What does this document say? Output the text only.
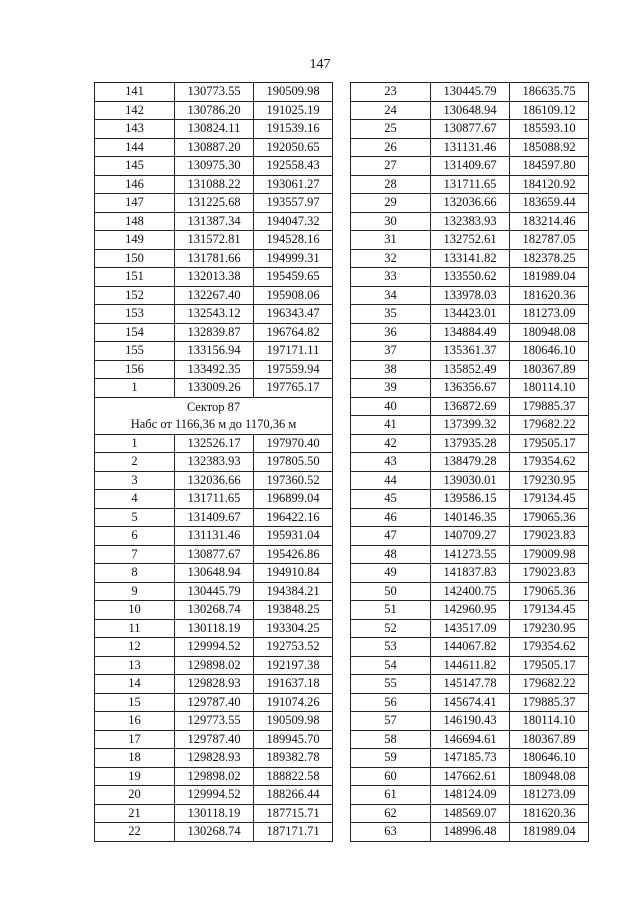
147
141	130773.55	190509.98
142	130786.20	191025.19
143	130824.11	191539.16
144	130887.20	192050.65
145	130975.30	192558.43
146	131088.22	193061.27
147	131225.68	193557.97
148	131387.34	194047.32
149	131572.81	194528.16
150	131781.66	194999.31
151	132013.38	195459.65
152	132267.40	195908.06
153	132543.12	196343.47
154	132839.87	196764.82
155	133156.94	197171.11
156	133492.35	197559.94
1	133009.26	197765.17

Сектор 87
Набс от 1166,36 м до 1170,36 м		

1	132526.17	197970.40
2	132383.93	197805.50
3	132036.66	197360.52
4	131711.65	196899.04
5	131409.67	196422.16
6	131131.46	195931.04
7	130877.67	195426.86
8	130648.94	194910.84
9	130445.79	194384.21
10	130268.74	193848.25
11	130118.19	193304.25
12	129994.52	192753.52
13	129898.02	192197.38
14	129828.93	191637.18
15	129787.40	191074.26
16	129773.55	190509.98
17	129787.40	189945.70
18	129828.93	189382.78
19	129898.02	188822.58
20	129994.52	188266.44
21	130118.19	187715.71
22	130268.74	187171.71
23	130445.79	186635.75
24	130648.94	186109.12
25	130877.67	185593.10
26	131131.46	185088.92
27	131409.67	184597.80
28	131711.65	184120.92
29	132036.66	183659.44
30	132383.93	183214.46
31	132752.61	182787.05
32	133141.82	182378.25
33	133550.62	181989.04
34	133978.03	181620.36
35	134423.01	181273.09
36	134884.49	180948.08
37	135361.37	180646.10
38	135852.49	180367.89
39	136356.67	180114.10
40	136872.69	179885.37
41	137399.32	179682.22
42	137935.28	179505.17
43	138479.28	179354.62
44	139030.01	179230.95
45	139586.15	179134.45
46	140146.35	179065.36
47	140709.27	179023.83
48	141273.55	179009.98
49	141837.83	179023.83
50	142400.75	179065.36
51	142960.95	179134.45
52	143517.09	179230.95
53	144067.82	179354.62
54	144611.82	179505.17
55	145147.78	179682.22
56	145674.41	179885.37
57	146190.43	180114.10
58	146694.61	180367.89
59	147185.73	180646.10
60	147662.61	180948.08
61	148124.09	181273.09
62	148569.07	181620.36
63	148996.48	181989.04
